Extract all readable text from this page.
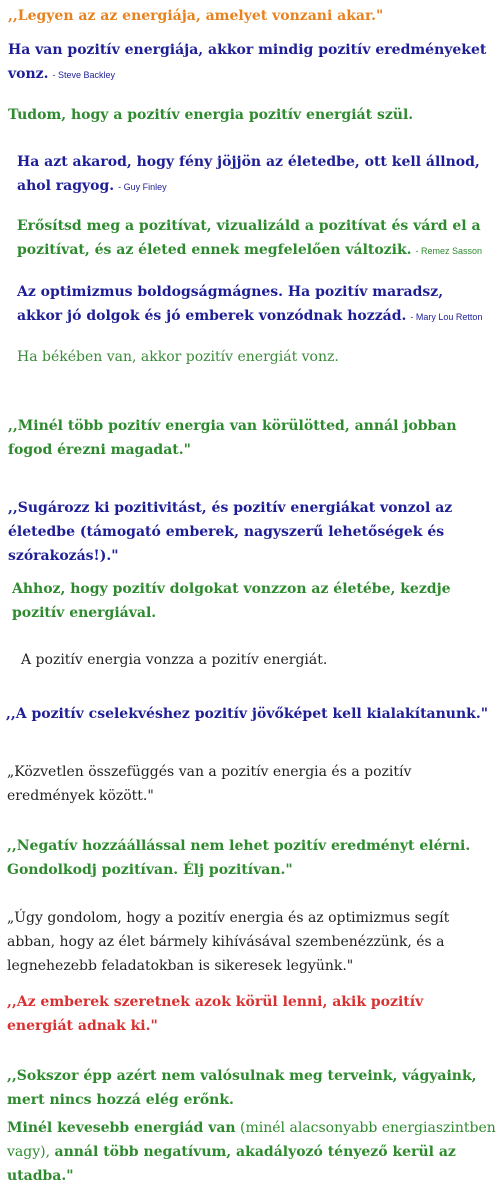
,,Legyen az az energiája, amelyet vonzani akar."

Ha van pozitív energiája, akkor mindig pozitív eredményeket vonz. - Steve Backley

Tudom, hogy a pozitív energia pozitív energiát szül.

Ha azt akarod, hogy fény jöjjön az életedbe, ott kell állnod, ahol ragyog. - Guy Finley

Erősítsd meg a pozitívat, vizualizáld a pozitívat és várd el a pozitívat, és az életed ennek megfelelően változik. - Remez Sasson

Az optimizmus boldogságmágnes. Ha pozitív maradsz, akkor jó dolgok és jó emberek vonzódnak hozzád. - Mary Lou Retton

Ha békében van, akkor pozitív energiát vonz.

,,Minél több pozitív energia van körülötted, annál jobban fogod érezni magadat."

,,Sugározz ki pozitivitást, és pozitív energiákat vonzol az életedbe (támogató emberek, nagyszerű lehetőségek és szórakozás!)."

Ahhoz, hogy pozitív dolgokat vonzzon az életébe, kezdje pozitív energiával.

A pozitív energia vonzza a pozitív energiát.

,,A pozitív cselekvéshez pozitív jövőképet kell kialakítanunk."

„Közvetlen összefüggés van a pozitív energia és a pozitív eredmények között."

,,Negatív hozzáállással nem lehet pozitív eredményt elérni. Gondolkodj pozitívan. Élj pozitívan."

„Úgy gondolom, hogy a pozitív energia és az optimizmus segít abban, hogy az élet bármely kihívásával szembenézzünk, és a legnehezebb feladatokban is sikeresek legyünk."

,,Az emberek szeretnek azok körül lenni, akik pozitív energiát adnak ki."

,,Sokszor épp azért nem valósulnak meg terveink, vágyaink, mert nincs hozzá elég erőnk.

Minél kevesebb energiád van (minél alacsonyabb energiaszintben vagy), annál több negatívum, akadályozó tényező kerül az utadba."
